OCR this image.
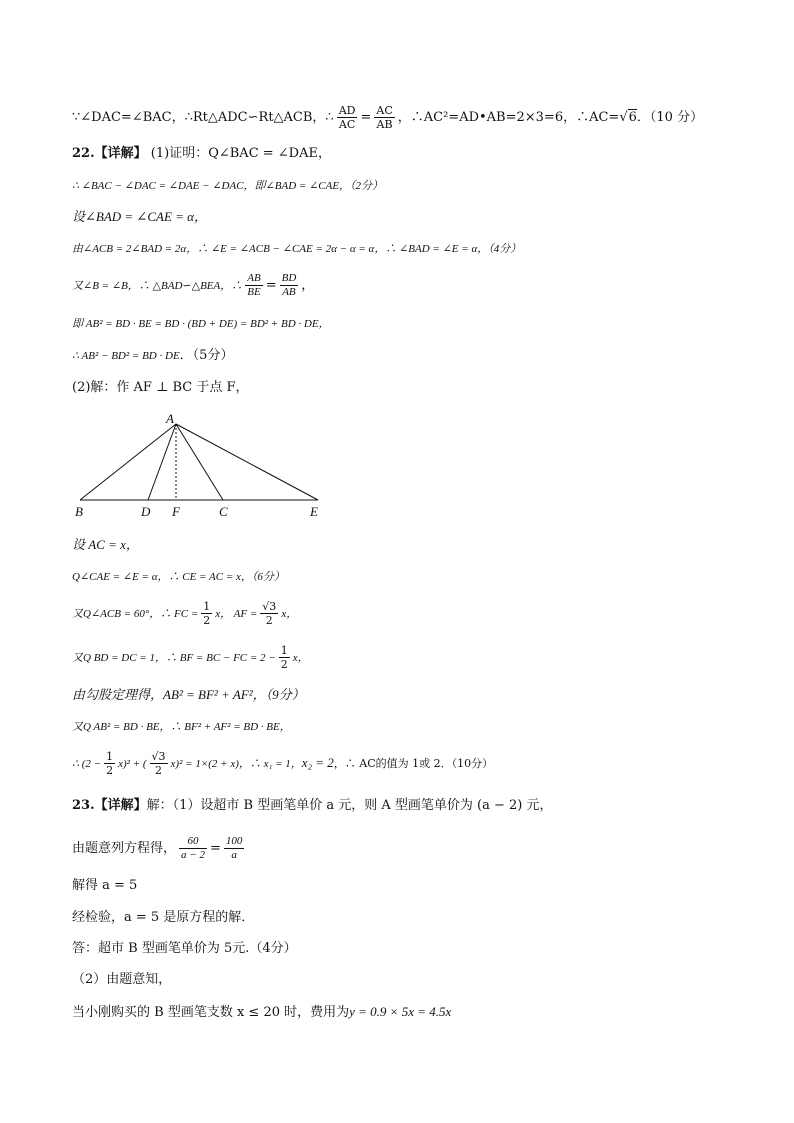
∵∠DAC=∠BAC，∴Rt△ADC∽Rt△ACB，∴ $\frac{AD}{AC} = \frac{AC}{AB}$ ，∴AC²=AD•AB=2×3=6，∴AC=√6．（10 分）
22.【详解】 (1)证明：Q∠BAC = ∠DAE，
∴ ∠BAC − ∠DAC = ∠DAE − ∠DAC，即∠BAD = ∠CAE，（2分）
设∠BAD = ∠CAE = α，
由∠ACB = 2∠BAD = 2α，∴ ∠E = ∠ACB − ∠CAE = 2α − α = α，∴ ∠BAD = ∠E = α，（4分）
又∠B = ∠B，∴ △BAD∽△BEA，∴ $\frac{AB}{BE} = \frac{BD}{AB}$ ，
即 AB² = BD · BE = BD · (BD + DE) = BD² + BD · DE，
∴ AB² − BD² = BD · DE．（5分）
(2)解：作 AF ⊥ BC 于点 F，
A
B	D F	C	E
设 AC = x，
Q∠CAE = ∠E = α，∴ CE = AC = x，（6分）
又Q∠ACB = 60°，∴ FC = $\frac{1}{2}$ x， AF = $\frac{√3}{2}$ x，
又Q BD = DC = 1，∴ BF = BC − FC = $2 - \frac{1}{2}$ x，
由勾股定理得，AB² = BF² + AF²，（9分）
又Q AB² = BD · BE，∴ BF² + AF² = BD · BE，
∴ $(2 - \frac{1}{2} x)^2$ + ( $\frac{√3}{2} x)^2 = 1\times(2 + x)$，∴ x₁ = 1，x₂ = 2，∴ AC的值为 1或 2．（10分）
23.【详解】解：（1）设超市 B 型画笔单价 a 元，则 A 型画笔单价为 (a − 2) 元，
由题意列方程得， $\frac{60}{a - 2} = \frac{100}{a}$
解得 a = 5
经检验，a = 5 是原方程的解．
答：超市 B 型画笔单价为 5元.（4分）
（2）由题意知，
当小刚购买的 B 型画笔支数 x ≤ 20 时，费用为y = 0.9 × 5x = 4.5x
